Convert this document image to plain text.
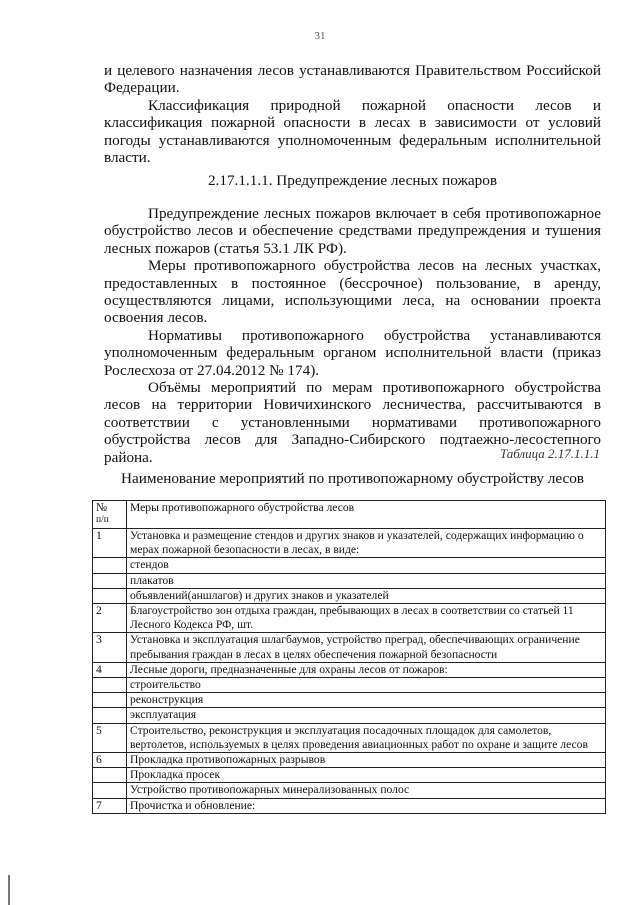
31

и целевого назначения лесов устанавливаются Правительством Российской Федерации.

Классификация природной пожарной опасности лесов и классификация пожарной опасности в лесах в зависимости от условий погоды устанавливаются уполномоченным федеральным исполнительной власти.

2.17.1.1.1. Предупреждение лесных пожаров

Предупреждение лесных пожаров включает в себя противопожарное обустройство лесов и обеспечение средствами предупреждения и тушения лесных пожаров (статья 53.1 ЛК РФ).

Меры противопожарного обустройства лесов на лесных участках, предоставленных в постоянное (бессрочное) пользование, в аренду, осуществляются лицами, использующими леса, на основании проекта освоения лесов.

Нормативы противопожарного обустройства устанавливаются уполномоченным федеральным органом исполнительной власти (приказ Рослесхоза от 27.04.2012 № 174).

Объёмы мероприятий по мерам противопожарного обустройства лесов на территории Новичихинского лесничества, рассчитываются в соответствии с установленными нормативами противопожарного обустройства лесов для Западно-Сибирского подтаежно-лесостепного района.	Таблица 2.17.1.1.1
Наименование мероприятий по противопожарному обустройству лесов
№
п/п	Меры противопожарного обустройства лесов
1	Установка и размещение стендов и других знаков и указателей, содержащих информацию о мерах пожарной безопасности в лесах, в виде:
	стендов
	плакатов
	объявлений(аншлагов) и других знаков и указателей
2	Благоустройство зон отдыха граждан, пребывающих в лесах в соответствии со статьей 11 Лесного Кодекса РФ, шт.
3	Установка и эксплуатация шлагбаумов, устройство преград, обеспечивающих ограничение пребывания граждан в лесах в целях обеспечения пожарной безопасности
4	Лесные дороги, предназначенные для охраны лесов от пожаров:
	строительство
	реконструкция
	эксплуатация
5	Строительство, реконструкция и эксплуатация посадочных площадок для самолетов, вертолетов, используемых в целях проведения авиационных работ по охране и защите лесов
6	Прокладка противопожарных разрывов
	Прокладка просек
	Устройство противопожарных минерализованных полос
7	Прочистка и обновление:
